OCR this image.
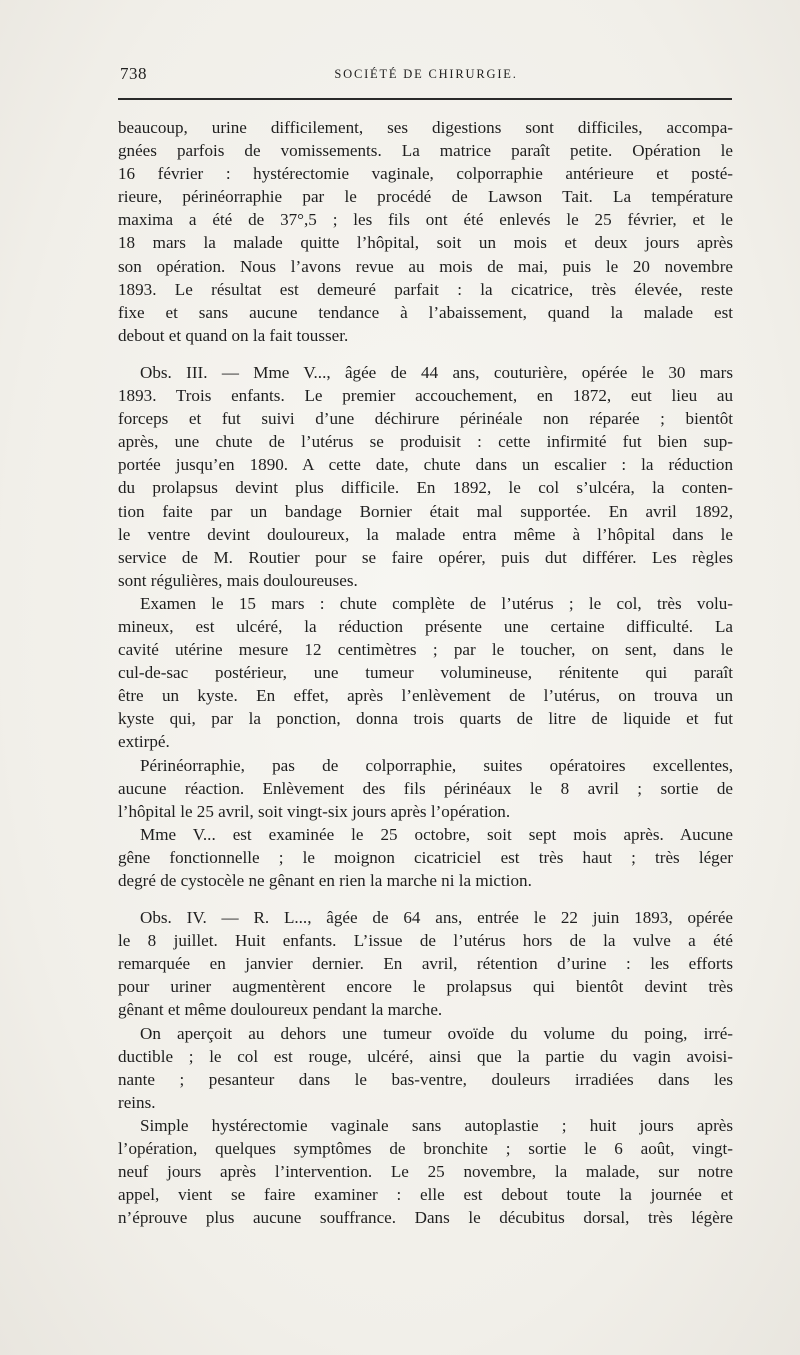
738	SOCIÉTÉ DE CHIRURGIE.
beaucoup, urine difficilement, ses digestions sont difficiles, accompa-
gnées parfois de vomissements. La matrice paraît petite. Opération le
16 février : hystérectomie vaginale, colporraphie antérieure et posté-
rieure, périnéorraphie par le procédé de Lawson Tait. La température
maxima a été de 37°,5 ; les fils ont été enlevés le 25 février, et le
18 mars la malade quitte l’hôpital, soit un mois et deux jours après
son opération. Nous l’avons revue au mois de mai, puis le 20 novembre
1893. Le résultat est demeuré parfait : la cicatrice, très élevée, reste
fixe et sans aucune tendance à l’abaissement, quand la malade est
debout et quand on la fait tousser.
Obs. III. — Mme V..., âgée de 44 ans, couturière, opérée le 30 mars
1893. Trois enfants. Le premier accouchement, en 1872, eut lieu au
forceps et fut suivi d’une déchirure périnéale non réparée ; bientôt
après, une chute de l’utérus se produisit : cette infirmité fut bien sup-
portée jusqu’en 1890. A cette date, chute dans un escalier : la réduction
du prolapsus devint plus difficile. En 1892, le col s’ulcéra, la conten-
tion faite par un bandage Bornier était mal supportée. En avril 1892,
le ventre devint douloureux, la malade entra même à l’hôpital dans le
service de M. Routier pour se faire opérer, puis dut différer. Les règles
sont régulières, mais douloureuses.
Examen le 15 mars : chute complète de l’utérus ; le col, très volu-
mineux, est ulcéré, la réduction présente une certaine difficulté. La
cavité utérine mesure 12 centimètres ; par le toucher, on sent, dans le
cul-de-sac postérieur, une tumeur volumineuse, rénitente qui paraît
être un kyste. En effet, après l’enlèvement de l’utérus, on trouva un
kyste qui, par la ponction, donna trois quarts de litre de liquide et fut
extirpé.
Périnéorraphie, pas de colporraphie, suites opératoires excellentes,
aucune réaction. Enlèvement des fils périnéaux le 8 avril ; sortie de
l’hôpital le 25 avril, soit vingt-six jours après l’opération.
Mme V... est examinée le 25 octobre, soit sept mois après. Aucune
gêne fonctionnelle ; le moignon cicatriciel est très haut ; très léger
degré de cystocèle ne gênant en rien la marche ni la miction.
Obs. IV. — R. L..., âgée de 64 ans, entrée le 22 juin 1893, opérée
le 8 juillet. Huit enfants. L’issue de l’utérus hors de la vulve a été
remarquée en janvier dernier. En avril, rétention d’urine : les efforts
pour uriner augmentèrent encore le prolapsus qui bientôt devint très
gênant et même douloureux pendant la marche.
On aperçoit au dehors une tumeur ovoïde du volume du poing, irré-
ductible ; le col est rouge, ulcéré, ainsi que la partie du vagin avoisi-
nante ; pesanteur dans le bas-ventre, douleurs irradiées dans les
reins.
Simple hystérectomie vaginale sans autoplastie ; huit jours après
l’opération, quelques symptômes de bronchite ; sortie le 6 août, vingt-
neuf jours après l’intervention. Le 25 novembre, la malade, sur notre
appel, vient se faire examiner : elle est debout toute la journée et
n’éprouve plus aucune souffrance. Dans le décubitus dorsal, très légère
